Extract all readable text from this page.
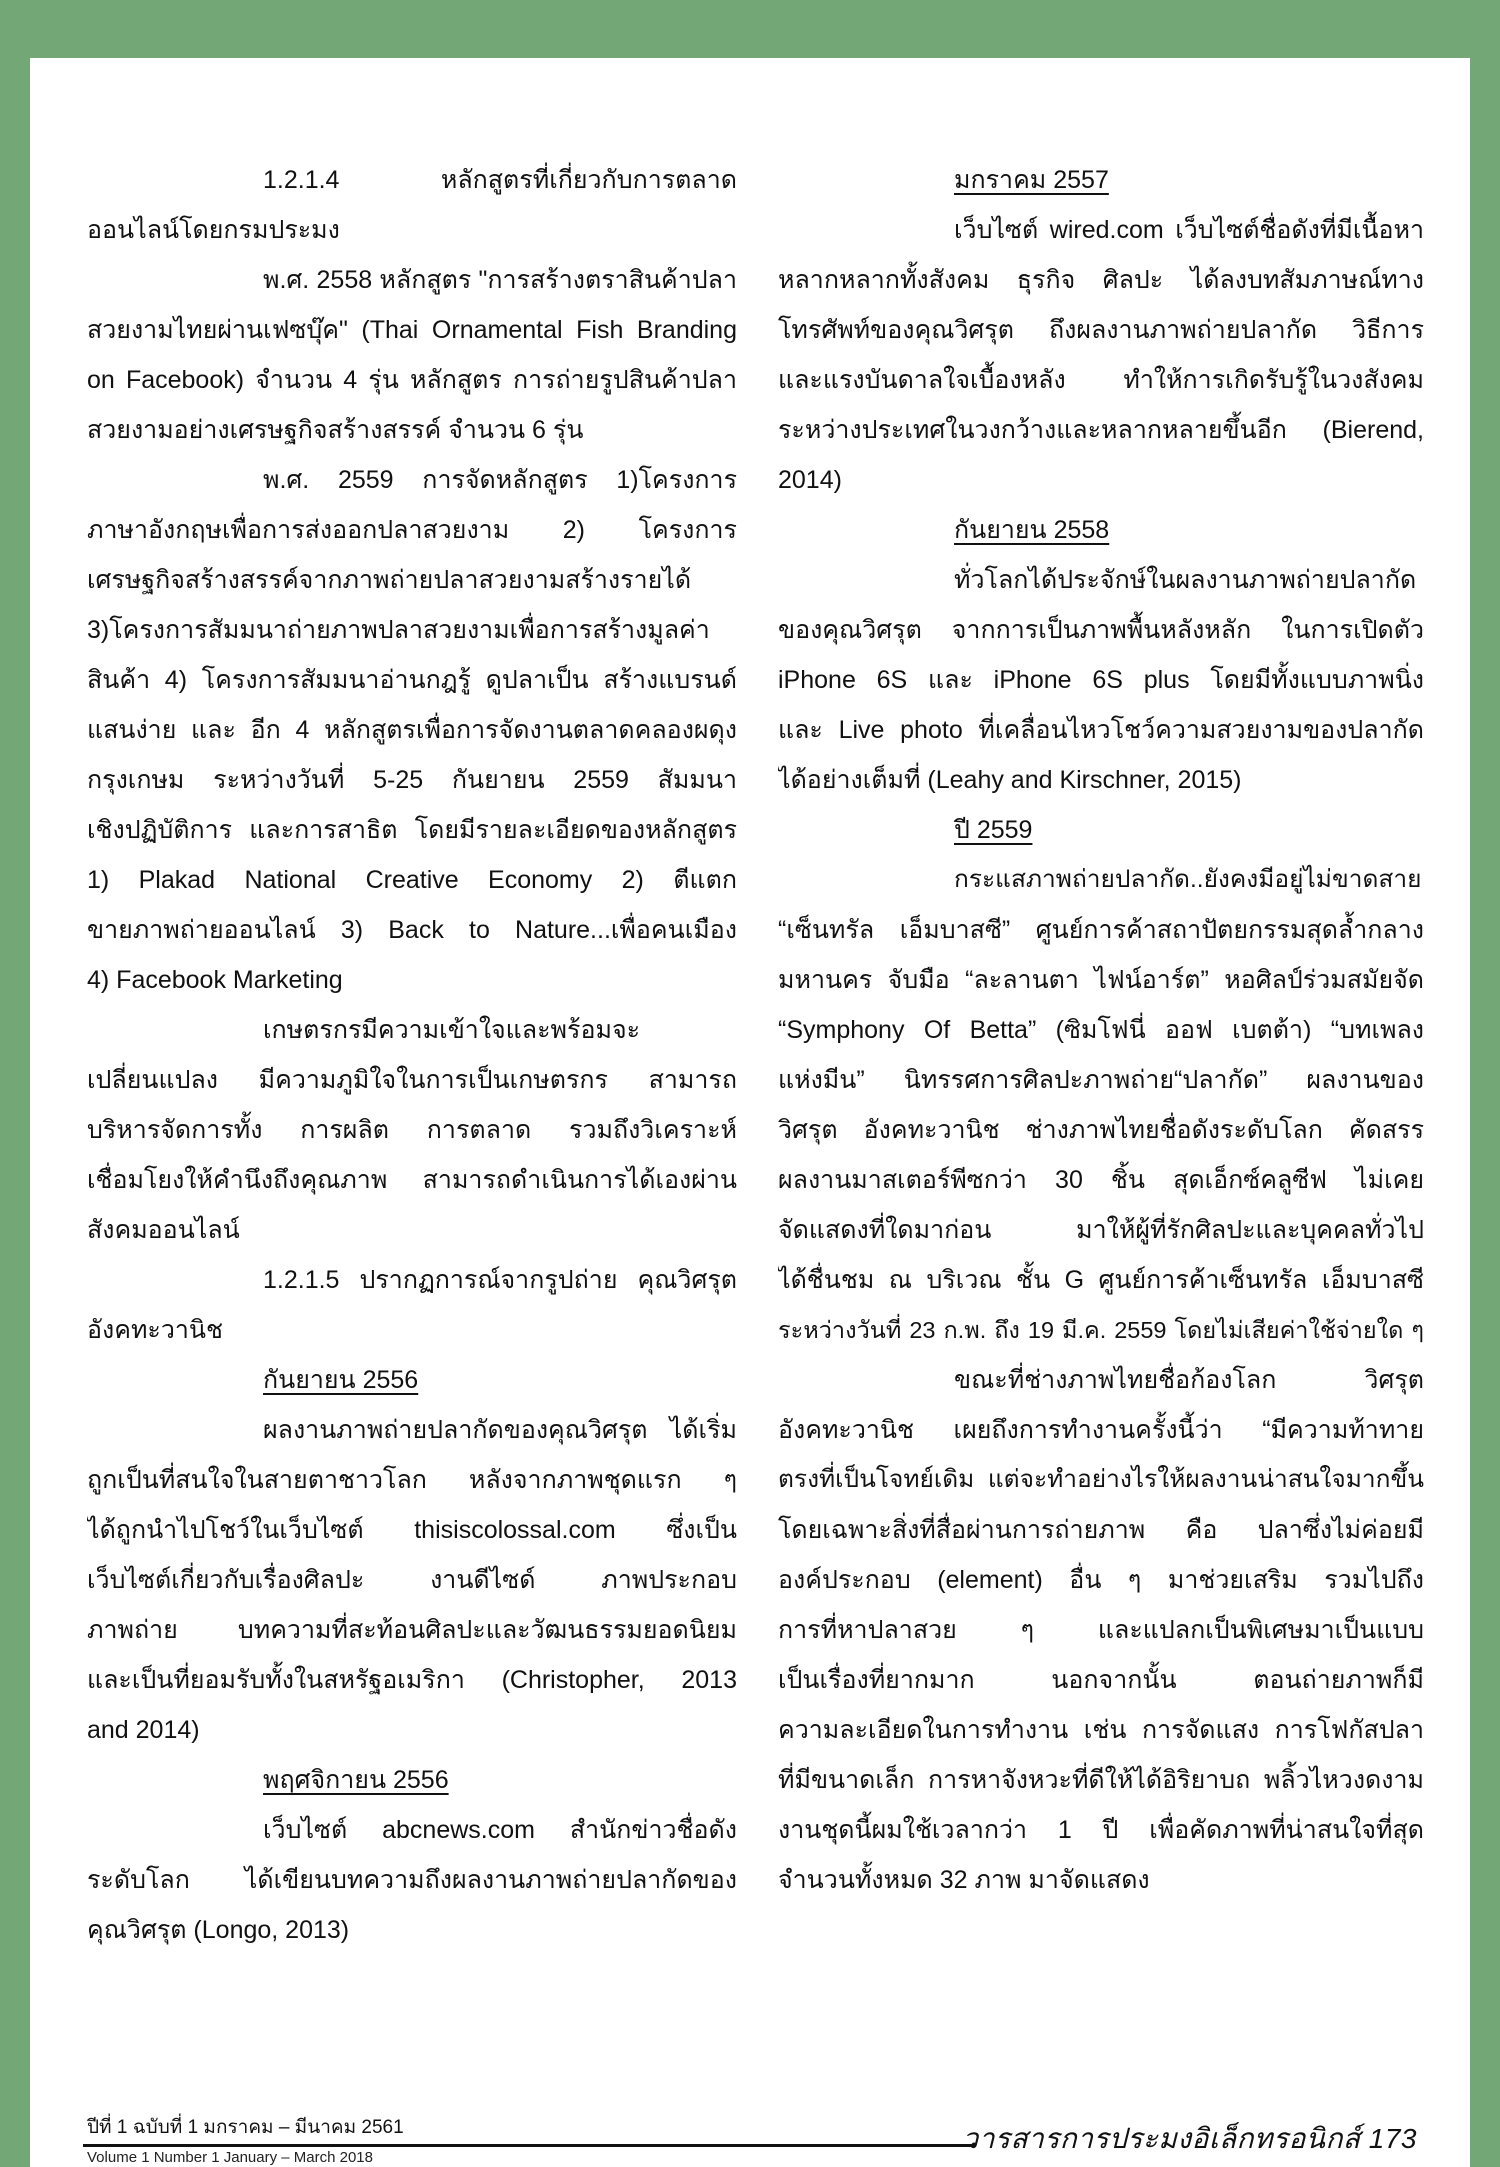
1.2.1.4 หลักสูตรที่เกี่ยวกับการตลาด
ออนไลน์โดยกรมประมง
พ.ศ. 2558 หลักสูตร "การสร้างตราสินค้าปลา
สวยงามไทยผ่านเฟซบุ๊ค" (Thai Ornamental Fish Branding
on Facebook) จำนวน 4 รุ่น หลักสูตร การถ่ายรูปสินค้าปลา
สวยงามอย่างเศรษฐกิจสร้างสรรค์ จำนวน 6 รุ่น
พ.ศ. 2559 การจัดหลักสูตร 1)โครงการ
ภาษาอังกฤษเพื่อการส่งออกปลาสวยงาม 2) โครงการ
เศรษฐกิจสร้างสรรค์จากภาพถ่ายปลาสวยงามสร้างรายได้
3)โครงการสัมมนาถ่ายภาพปลาสวยงามเพื่อการสร้างมูลค่า
สินค้า 4) โครงการสัมมนาอ่านกฎรู้ ดูปลาเป็น สร้างแบรนด์
แสนง่าย และ อีก 4 หลักสูตรเพื่อการจัดงานตลาดคลองผดุง
กรุงเกษม ระหว่างวันที่ 5-25 กันยายน 2559 สัมมนา
เชิงปฏิบัติการ และการสาธิต โดยมีรายละเอียดของหลักสูตร
1) Plakad National Creative Economy 2) ตีแตก
ขายภาพถ่ายออนไลน์ 3) Back to Nature...เพื่อคนเมือง
4) Facebook Marketing
เกษตรกรมีความเข้าใจและพร้อมจะ
เปลี่ยนแปลง มีความภูมิใจในการเป็นเกษตรกร สามารถ
บริหารจัดการทั้ง การผลิต การตลาด รวมถึงวิเคราะห์
เชื่อมโยงให้คำนึงถึงคุณภาพ สามารถดำเนินการได้เองผ่าน
สังคมออนไลน์
1.2.1.5 ปรากฏการณ์จากรูปถ่าย คุณวิศรุต
อังคทะวานิช
กันยายน 2556
ผลงานภาพถ่ายปลากัดของคุณวิศรุต ได้เริ่ม
ถูกเป็นที่สนใจในสายตาชาวโลก หลังจากภาพชุดแรก ๆ
ได้ถูกนำไปโชว์ในเว็บไซต์ thisiscolossal.com ซึ่งเป็น
เว็บไซต์เกี่ยวกับเรื่องศิลปะ งานดีไซด์ ภาพประกอบ
ภาพถ่าย บทความที่สะท้อนศิลปะและวัฒนธรรมยอดนิยม
และเป็นที่ยอมรับทั้งในสหรัฐอเมริกา (Christopher, 2013
and 2014)
พฤศจิกายน 2556
เว็บไซต์ abcnews.com สำนักข่าวชื่อดัง
ระดับโลก ได้เขียนบทความถึงผลงานภาพถ่ายปลากัดของ
คุณวิศรุต (Longo, 2013)
มกราคม 2557
เว็บไซต์ wired.com เว็บไซต์ชื่อดังที่มีเนื้อหา
หลากหลากทั้งสังคม ธุรกิจ ศิลปะ ได้ลงบทสัมภาษณ์ทาง
โทรศัพท์ของคุณวิศรุต ถึงผลงานภาพถ่ายปลากัด วิธีการ
และแรงบันดาลใจเบื้องหลัง ทำให้การเกิดรับรู้ในวงสังคม
ระหว่างประเทศในวงกว้างและหลากหลายขึ้นอีก (Bierend,
2014)
กันยายน 2558
ทั่วโลกได้ประจักษ์ในผลงานภาพถ่ายปลากัด
ของคุณวิศรุต จากการเป็นภาพพื้นหลังหลัก ในการเปิดตัว
iPhone 6S และ iPhone 6S plus โดยมีทั้งแบบภาพนิ่ง
และ Live photo ที่เคลื่อนไหวโชว์ความสวยงามของปลากัด
ได้อย่างเต็มที่ (Leahy and Kirschner, 2015)
ปี 2559
กระแสภาพถ่ายปลากัด..ยังคงมีอยู่ไม่ขาดสาย
“เซ็นทรัล เอ็มบาสซี” ศูนย์การค้าสถาปัตยกรรมสุดล้ำกลาง
มหานคร จับมือ “ละลานตา ไฟน์อาร์ต” หอศิลป์ร่วมสมัยจัด
“Symphony Of Betta” (ซิมโฟนี่ ออฟ เบตต้า) “บทเพลง
แห่งมีน” นิทรรศการศิลปะภาพถ่าย“ปลากัด” ผลงานของ
วิศรุต อังคทะวานิช ช่างภาพไทยชื่อดังระดับโลก คัดสรร
ผลงานมาสเตอร์พีซกว่า 30 ชิ้น สุดเอ็กซ์คลูซีฟ ไม่เคย
จัดแสดงที่ใดมาก่อน มาให้ผู้ที่รักศิลปะและบุคคลทั่วไป
ได้ชื่นชม ณ บริเวณ ชั้น G ศูนย์การค้าเซ็นทรัล เอ็มบาสซี
ระหว่างวันที่ 23 ก.พ. ถึง 19 มี.ค. 2559 โดยไม่เสียค่าใช้จ่ายใด ๆ
ขณะที่ช่างภาพไทยชื่อก้องโลก วิศรุต
อังคทะวานิช เผยถึงการทำงานครั้งนี้ว่า “มีความท้าทาย
ตรงที่เป็นโจทย์เดิม แต่จะทำอย่างไรให้ผลงานน่าสนใจมากขึ้น
โดยเฉพาะสิ่งที่สื่อผ่านการถ่ายภาพ คือ ปลาซึ่งไม่ค่อยมี
องค์ประกอบ (element) อื่น ๆ มาช่วยเสริม รวมไปถึง
การที่หาปลาสวย ๆ และแปลกเป็นพิเศษมาเป็นแบบ
เป็นเรื่องที่ยากมาก นอกจากนั้น ตอนถ่ายภาพก็มี
ความละเอียดในการทำงาน เช่น การจัดแสง การโฟกัสปลา
ที่มีขนาดเล็ก การหาจังหวะที่ดีให้ได้อิริยาบถ พลิ้วไหวงดงาม
งานชุดนี้ผมใช้เวลากว่า 1 ปี เพื่อคัดภาพที่น่าสนใจที่สุด
จำนวนทั้งหมด 32 ภาพ มาจัดแสดง
ปีที่ 1 ฉบับที่ 1 มกราคม – มีนาคม 2561
Volume 1 Number 1 January – March 2018
วารสารการประมงอิเล็กทรอนิกส์ 173
